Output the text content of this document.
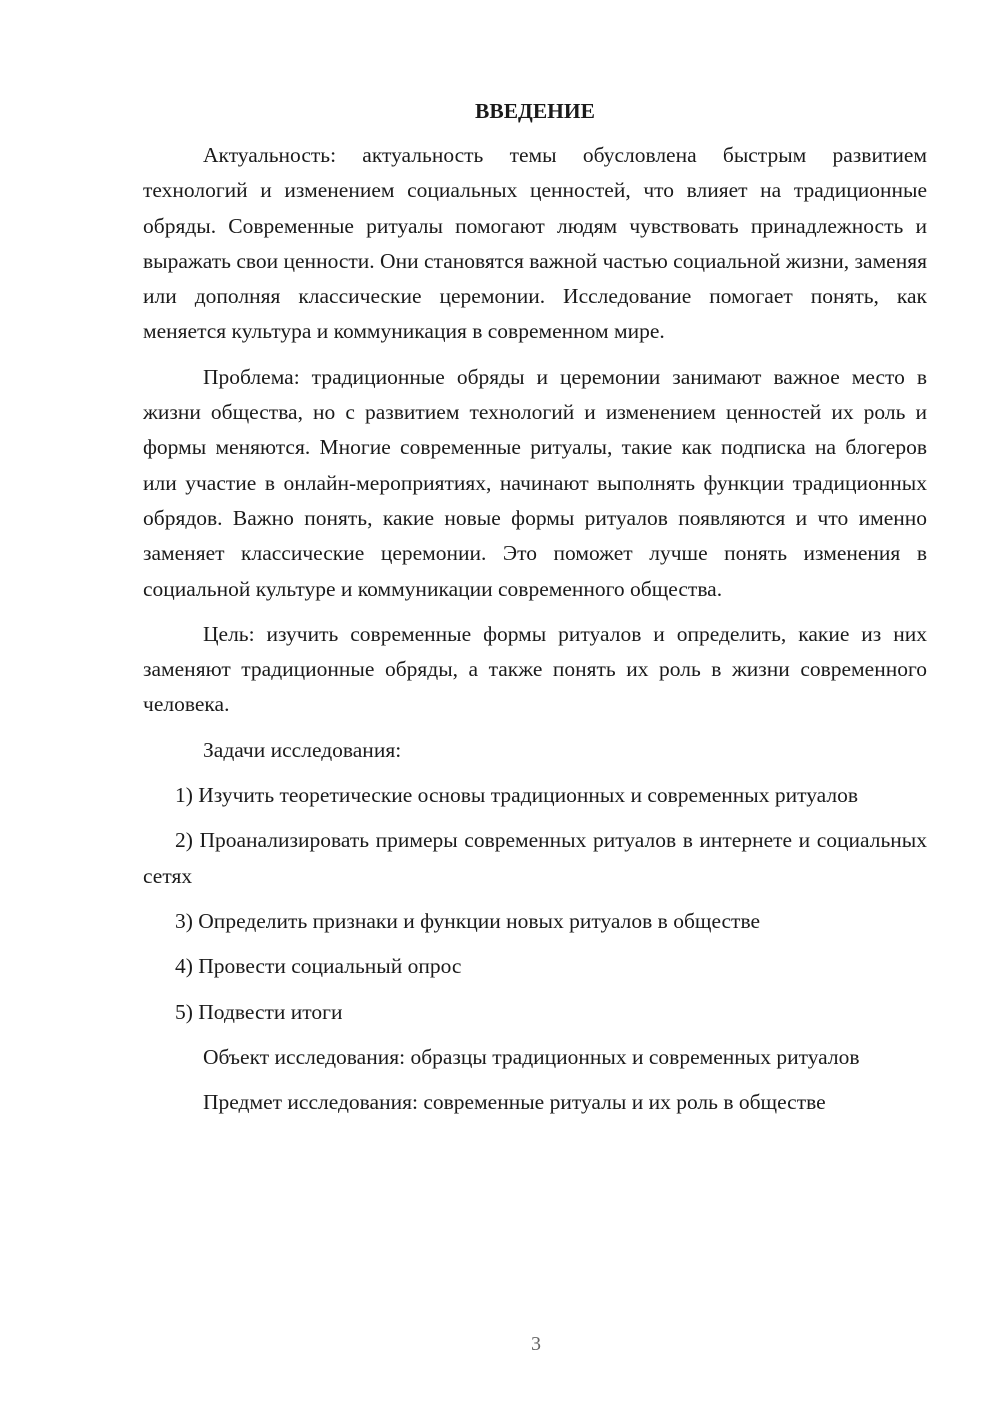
ВВЕДЕНИЕ

Актуальность: актуальность темы обусловлена быстрым развитием технологий и изменением социальных ценностей, что влияет на традиционные обряды. Современные ритуалы помогают людям чувствовать принадлежность и выражать свои ценности. Они становятся важной частью социальной жизни, заменяя или дополняя классические церемонии. Исследование помогает понять, как меняется культура и коммуникация в современном мире.

Проблема: традиционные обряды и церемонии занимают важное место в жизни общества, но с развитием технологий и изменением ценностей их роль и формы меняются. Многие современные ритуалы, такие как подписка на блогеров или участие в онлайн-мероприятиях, начинают выполнять функции традиционных обрядов. Важно понять, какие новые формы ритуалов появляются и что именно заменяет классические церемонии. Это поможет лучше понять изменения в социальной культуре и коммуникации современного общества.

Цель: изучить современные формы ритуалов и определить, какие из них заменяют традиционные обряды, а также понять их роль в жизни современного человека.

Задачи исследования:

1) Изучить теоретические основы традиционных и современных ритуалов

2) Проанализировать примеры современных ритуалов в интернете и социальных сетях

3) Определить признаки и функции новых ритуалов в обществе

4) Провести социальный опрос

5) Подвести итоги

Объект исследования: образцы традиционных и современных ритуалов

Предмет исследования: современные ритуалы и их роль в обществе

3
